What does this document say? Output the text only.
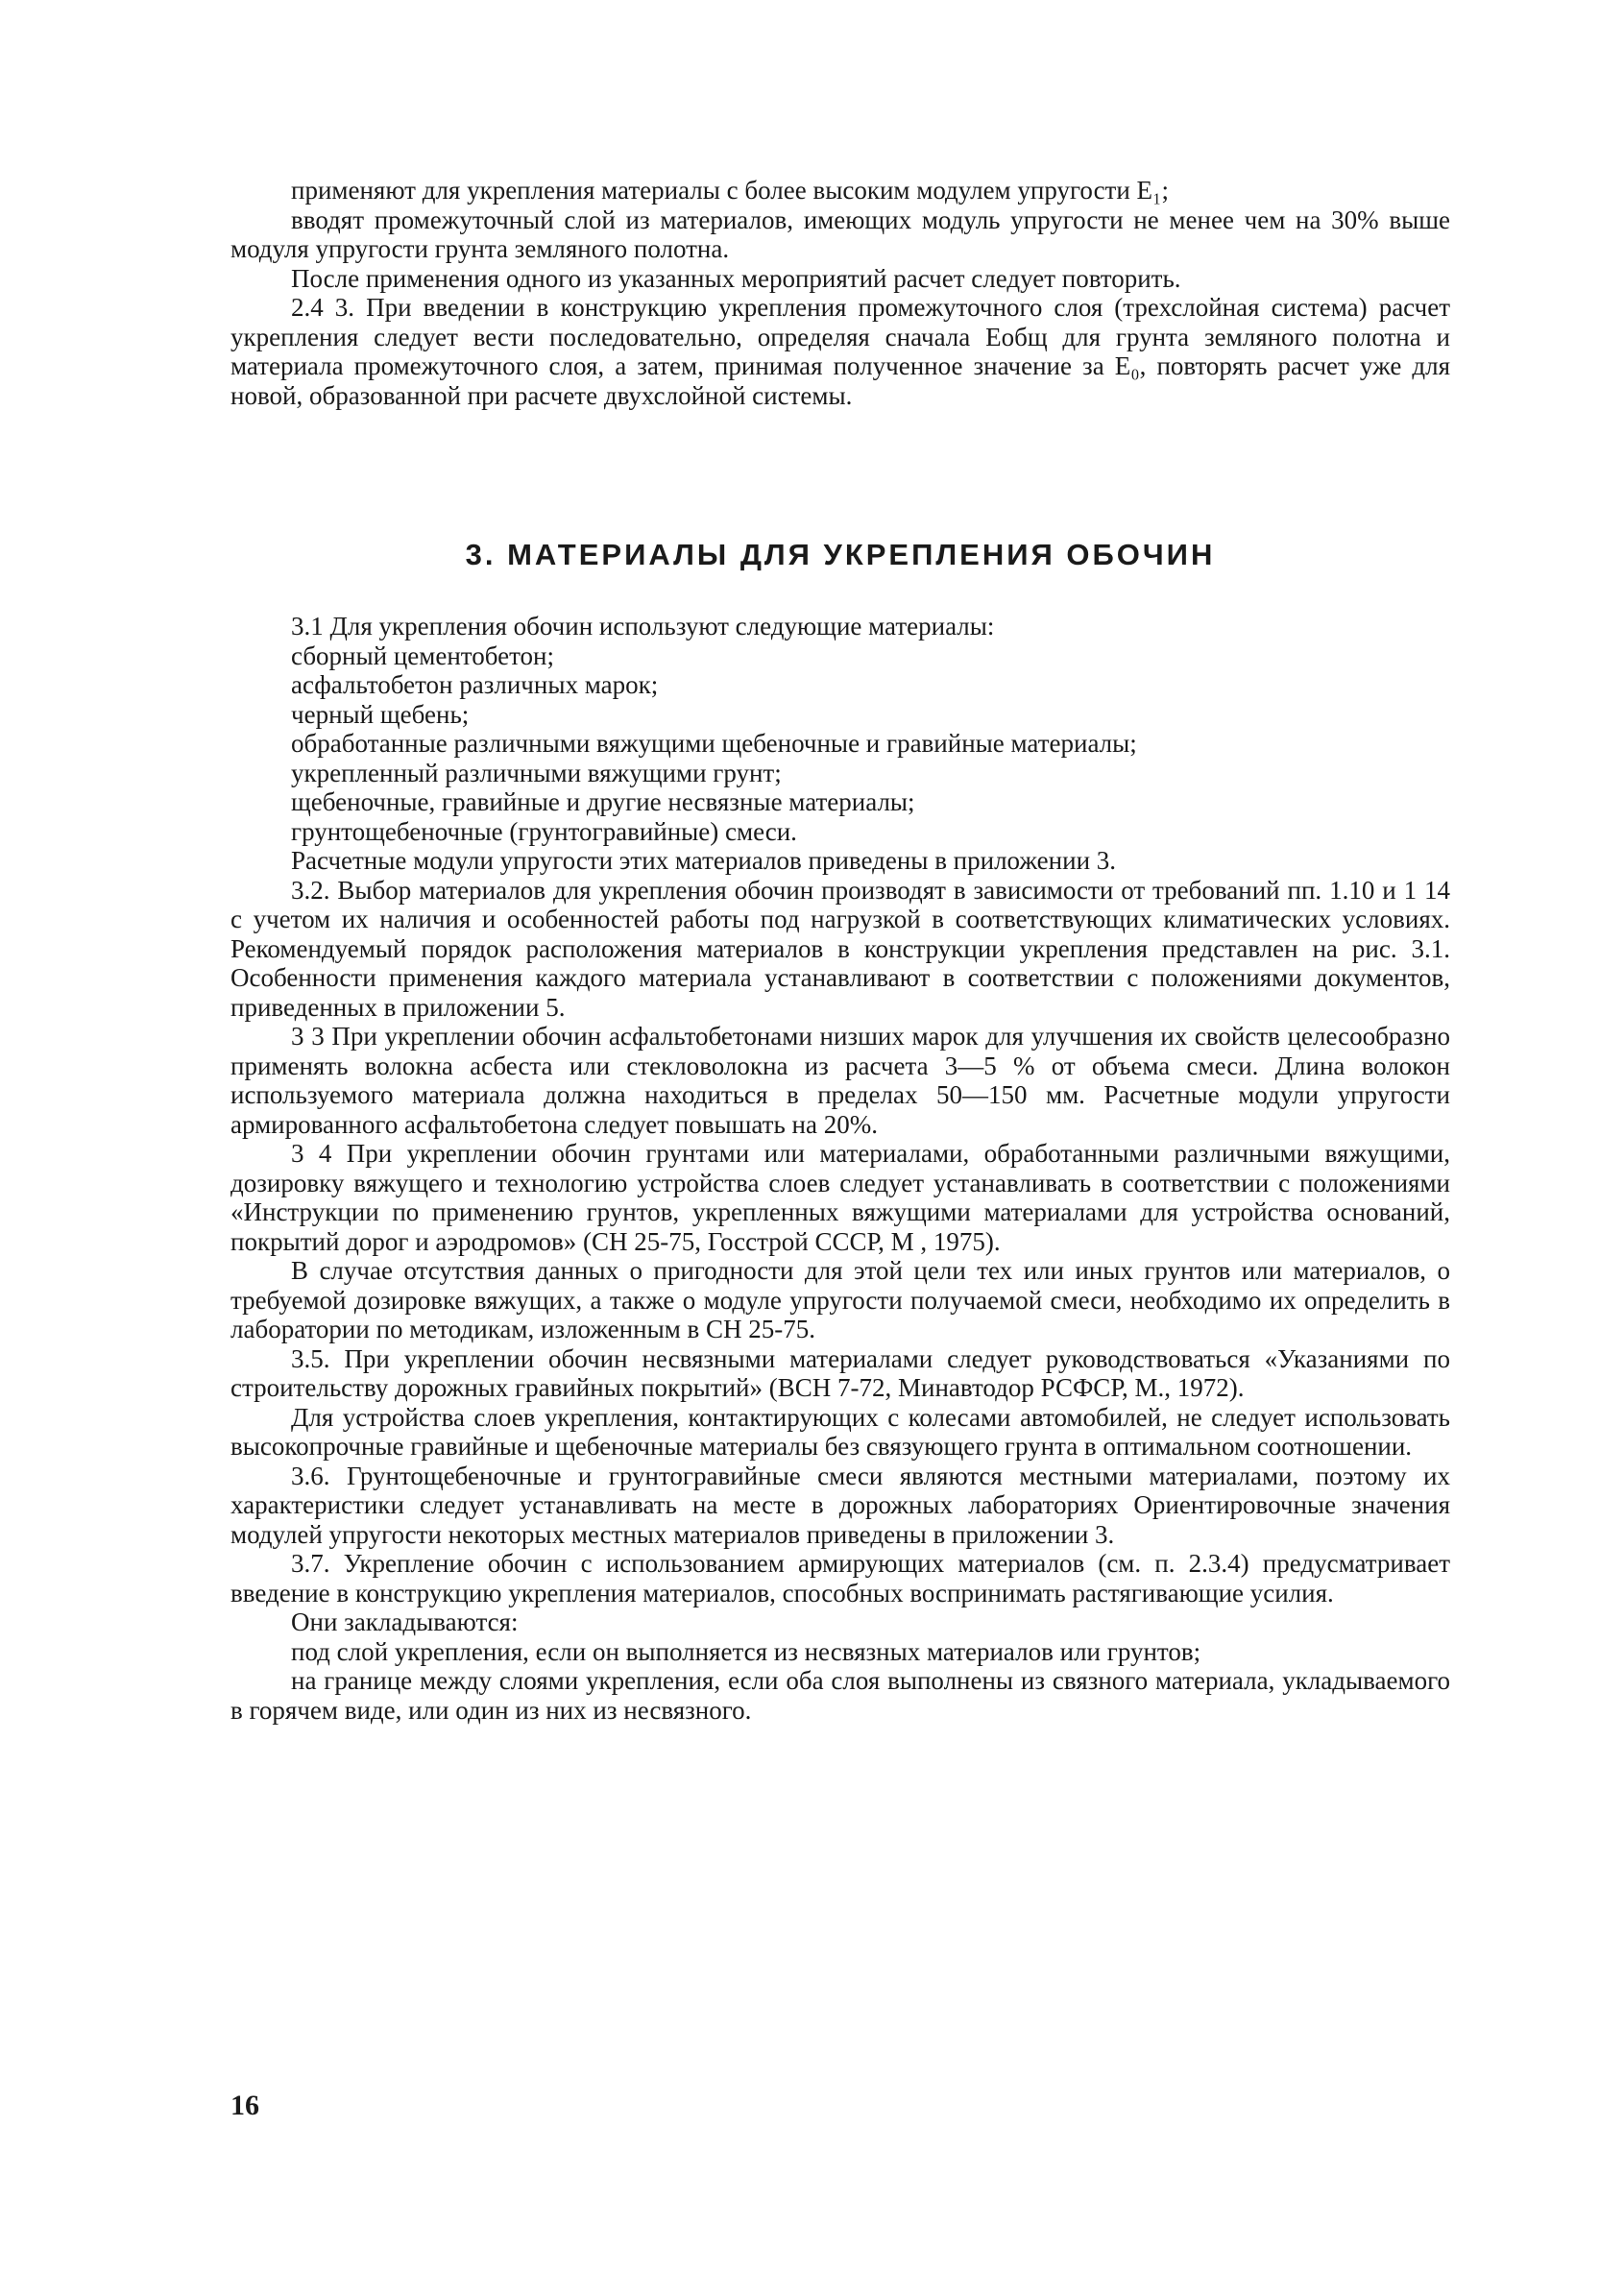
применяют для укрепления материалы с более высоким модулем упругости E₁;

вводят промежуточный слой из материалов, имеющих модуль упругости не менее чем на 30% выше модуля упругости грунта земляного полотна.

После применения одного из указанных мероприятий расчет следует повторить.

2.4 3. При введении в конструкцию укрепления промежуточного слоя (трехслойная система) расчет укрепления следует вести последовательно, определяя сначала Eобщ для грунта земляного полотна и материала промежуточного слоя, а затем, принимая полученное значение за E₀, повторять расчет уже для новой, образованной при расчете двухслойной системы.

3. МАТЕРИАЛЫ ДЛЯ УКРЕПЛЕНИЯ ОБОЧИН

3.1 Для укрепления обочин используют следующие материалы:

сборный цементобетон;

асфальтобетон различных марок;

черный щебень;

обработанные различными вяжущими щебеночные и гравийные материалы;

укрепленный различными вяжущими грунт;

щебеночные, гравийные и другие несвязные материалы;

грунтощебеночные (грунтогравийные) смеси.

Расчетные модули упругости этих материалов приведены в приложении 3.

3.2. Выбор материалов для укрепления обочин производят в зависимости от требований пп. 1.10 и 1 14 с учетом их наличия и особенностей работы под нагрузкой в соответствующих климатических условиях. Рекомендуемый порядок расположения материалов в конструкции укрепления представлен на рис. 3.1. Особенности применения каждого материала устанавливают в соответствии с положениями документов, приведенных в приложении 5.

3 3 При укреплении обочин асфальтобетонами низших марок для улучшения их свойств целесообразно применять волокна асбеста или стекловолокна из расчета 3—5 % от объема смеси. Длина волокон используемого материала должна находиться в пределах 50—150 мм. Расчетные модули упругости армированного асфальтобетона следует повышать на 20%.

3 4 При укреплении обочин грунтами или материалами, обработанными различными вяжущими, дозировку вяжущего и технологию устройства слоев следует устанавливать в соответствии с положениями «Инструкции по применению грунтов, укрепленных вяжущими материалами для устройства оснований, покрытий дорог и аэродромов» (СН 25-75, Госстрой СССР, М , 1975).

В случае отсутствия данных о пригодности для этой цели тех или иных грунтов или материалов, о требуемой дозировке вяжущих, а также о модуле упругости получаемой смеси, необходимо их определить в лаборатории по методикам, изложенным в СН 25-75.

3.5. При укреплении обочин несвязными материалами следует руководствоваться «Указаниями по строительству дорожных гравийных покрытий» (ВСН 7-72, Минавтодор РСФСР, М., 1972).

Для устройства слоев укрепления, контактирующих с колесами автомобилей, не следует использовать высокопрочные гравийные и щебеночные материалы без связующего грунта в оптимальном соотношении.

3.6. Грунтощебеночные и грунтогравийные смеси являются местными материалами, поэтому их характеристики следует устанавливать на месте в дорожных лабораториях Ориентировочные значения модулей упругости некоторых местных материалов приведены в приложении 3.

3.7. Укрепление обочин с использованием армирующих материалов (см. п. 2.3.4) предусматривает введение в конструкцию укрепления материалов, способных воспринимать растягивающие усилия.

Они закладываются:

под слой укрепления, если он выполняется из несвязных материалов или грунтов;

на границе между слоями укрепления, если оба слоя выполнены из связного материала, укладываемого в горячем виде, или один из них из несвязного.

16
